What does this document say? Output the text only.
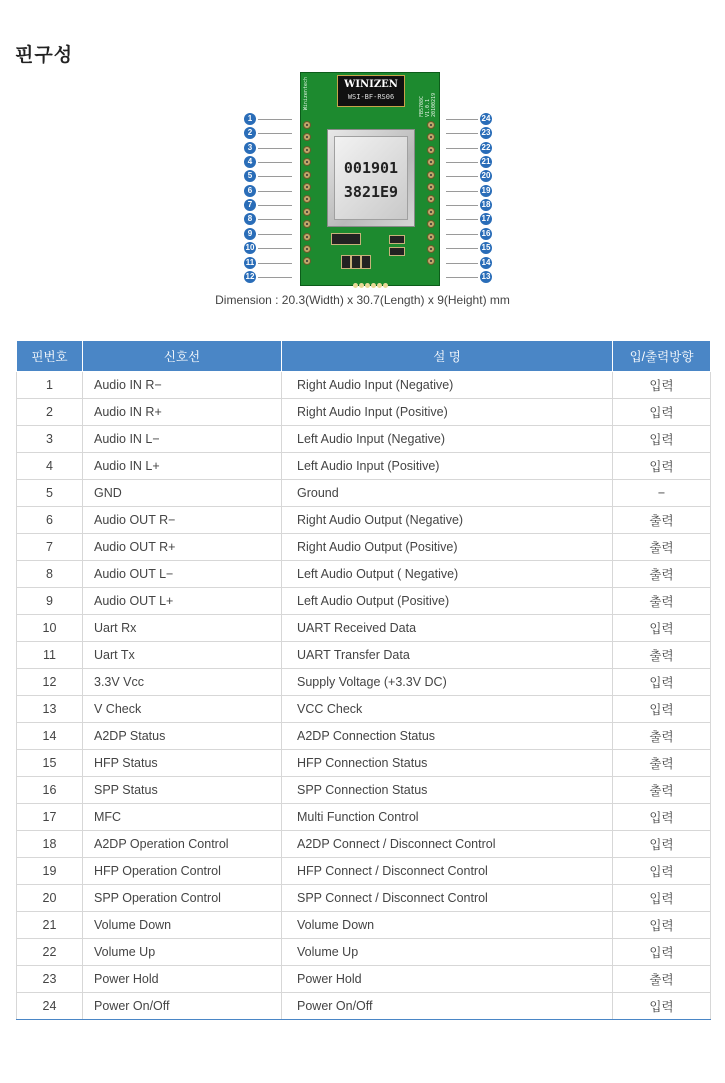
핀구성
WINIZEN
WSI-BF-RS06
Winizentech	FB5708C V1.0.1 20100219
001901
3821E9
1
2
3
4
5
6
7
8
9
10
11
12
24
23
22
21
20
19
18
17
16
15
14
13
Dimension : 20.3(Width) x 30.7(Length) x 9(Height) mm
핀번호	신호선	설 명	입/출력방향
1	Audio IN R−	Right Audio Input (Negative)	입력
2	Audio IN R+	Right Audio Input (Positive)	입력
3	Audio IN L−	Left Audio Input (Negative)	입력
4	Audio IN L+	Left Audio Input (Positive)	입력
5	GND	Ground	−
6	Audio OUT R−	Right Audio Output (Negative)	출력
7	Audio OUT R+	Right Audio Output (Positive)	출력
8	Audio OUT L−	Left Audio Output ( Negative)	출력
9	Audio OUT L+	Left Audio Output (Positive)	출력
10	Uart Rx	UART Received Data	입력
11	Uart Tx	UART Transfer Data	출력
12	3.3V Vcc	Supply Voltage (+3.3V DC)	입력
13	V Check	VCC Check	입력
14	A2DP Status	A2DP Connection Status	출력
15	HFP Status	HFP Connection Status	출력
16	SPP Status	SPP Connection Status	출력
17	MFC	Multi Function Control	입력
18	A2DP Operation Control	A2DP Connect / Disconnect Control	입력
19	HFP Operation Control	HFP Connect / Disconnect Control	입력
20	SPP Operation Control	SPP Connect / Disconnect Control	입력
21	Volume Down	Volume Down	입력
22	Volume Up	Volume Up	입력
23	Power Hold	Power Hold	출력
24	Power On/Off	Power On/Off	입력
